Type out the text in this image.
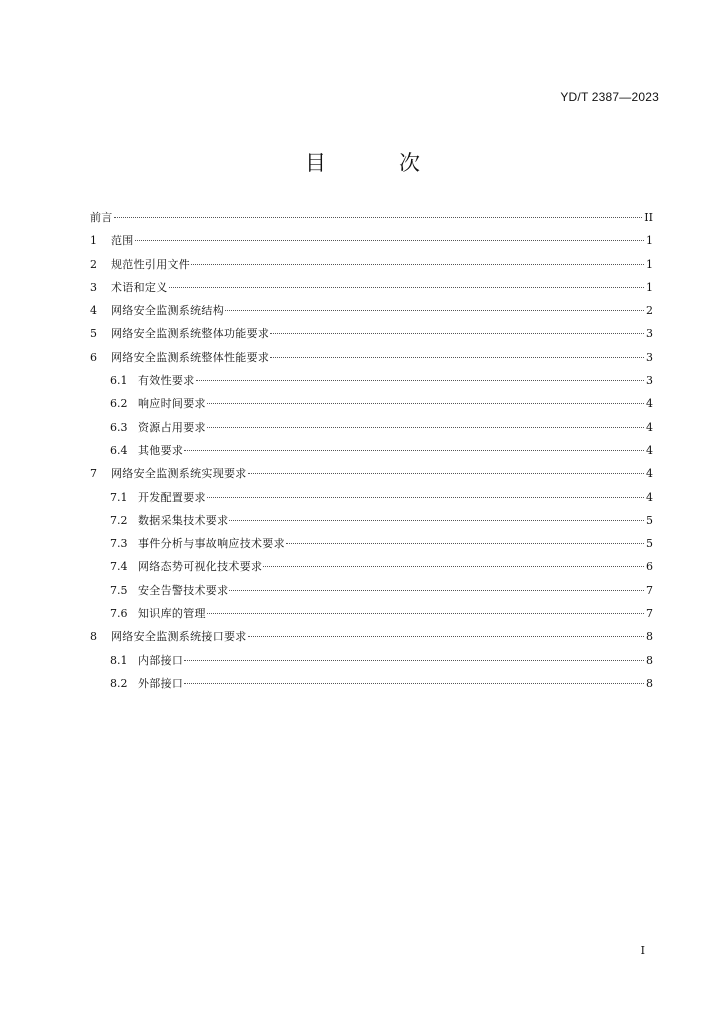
YD/T 2387—2023
目　次
前言	II
1	范围	1
2	规范性引用文件	1
3	术语和定义	1
4	网络安全监测系统结构	2
5	网络安全监测系统整体功能要求	3
6	网络安全监测系统整体性能要求	3
6.1 有效性要求	3
6.2 响应时间要求	4
6.3 资源占用要求	4
6.4 其他要求	4
7	网络安全监测系统实现要求	4
7.1 开发配置要求	4
7.2 数据采集技术要求	5
7.3 事件分析与事故响应技术要求	5
7.4 网络态势可视化技术要求	6
7.5 安全告警技术要求	7
7.6 知识库的管理	7
8	网络安全监测系统接口要求	8
8.1 内部接口	8
8.2 外部接口	8
I
